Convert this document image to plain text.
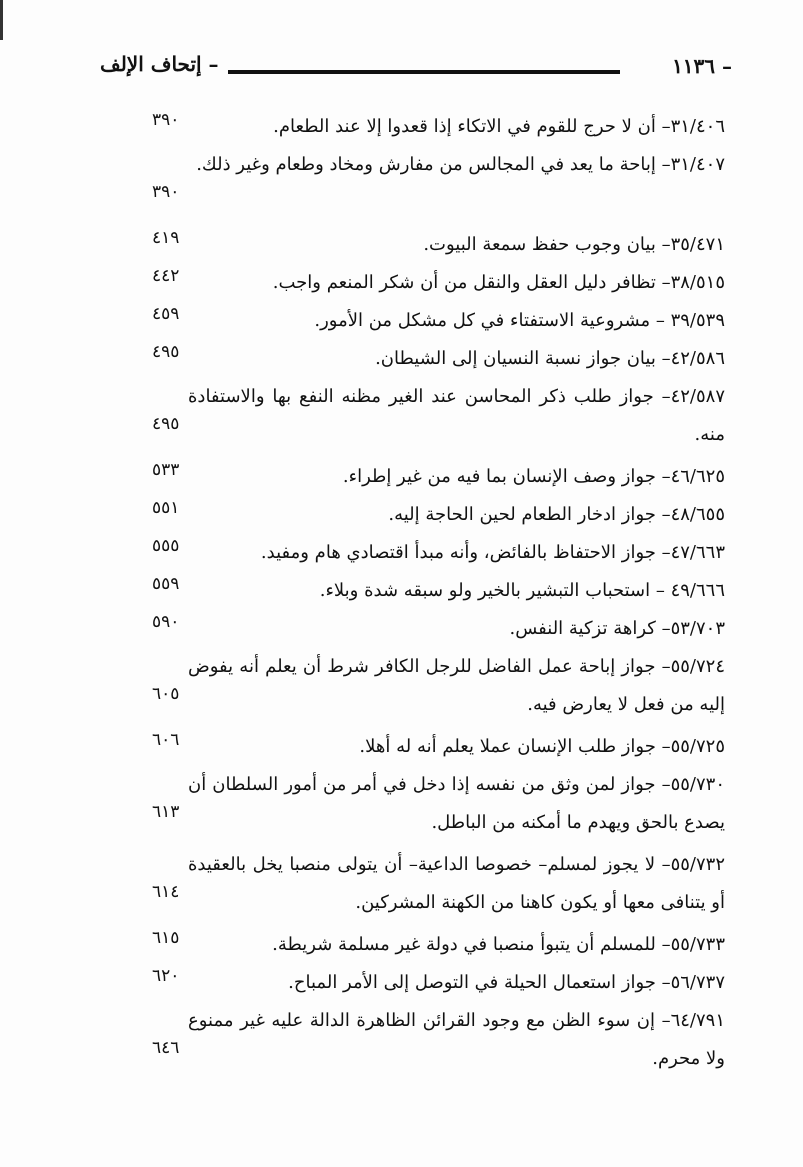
– إتحاف الإلف	١١٣٦ –
٣١/٤٠٦– أن لا حرج للقوم في الاتكاء إذا قعدوا إلا عند الطعام.
٣٩٠
٣١/٤٠٧– إباحة ما يعد في المجالس من مفارش ومخاد وطعام وغير ذلك.
٣٩٠
٣٥/٤٧١– بيان وجوب حفظ سمعة البيوت.
٤١٩
٣٨/٥١٥– تظافر دليل العقل والنقل من أن شكر المنعم واجب.
٤٤٢
٣٩/٥٣٩ – مشروعية الاستفتاء في كل مشكل من الأمور.
٤٥٩
٤٢/٥٨٦– بيان جواز نسبة النسيان إلى الشيطان.
٤٩٥
٤٢/٥٨٧– جواز طلب ذكر المحاسن عند الغير مظنه النفع بها والاستفادة منه.
٤٩٥
٤٦/٦٢٥– جواز وصف الإنسان بما فيه من غير إطراء.
٥٣٣
٤٨/٦٥٥– جواز ادخار الطعام لحين الحاجة إليه.
٥٥١
٤٧/٦٦٣– جواز الاحتفاظ بالفائض، وأنه مبدأ اقتصادي هام ومفيد.
٥٥٥
٤٩/٦٦٦ – استحباب التبشير بالخير ولو سبقه شدة وبلاء.
٥٥٩
٥٣/٧٠٣– كراهة تزكية النفس.
٥٩٠
٥٥/٧٢٤– جواز إباحة عمل الفاضل للرجل الكافر شرط أن يعلم أنه يفوض إليه من فعل لا يعارض فيه.
٦٠٥
٥٥/٧٢٥– جواز طلب الإنسان عملا يعلم أنه له أهلا.
٦٠٦
٥٥/٧٣٠– جواز لمن وثق من نفسه إذا دخل في أمر من أمور السلطان أن يصدع بالحق ويهدم ما أمكنه من الباطل.
٦١٣
٥٥/٧٣٢– لا يجوز لمسلم– خصوصا الداعية– أن يتولى منصبا يخل بالعقيدة أو يتنافى معها أو يكون كاهنا من الكهنة المشركين.
٦١٤
٥٥/٧٣٣– للمسلم أن يتبوأ منصبا في دولة غير مسلمة شريطة.
٦١٥
٥٦/٧٣٧– جواز استعمال الحيلة في التوصل إلى الأمر المباح.
٦٢٠
٦٤/٧٩١– إن سوء الظن مع وجود القرائن الظاهرة الدالة عليه غير ممنوع ولا محرم.
٦٤٦
